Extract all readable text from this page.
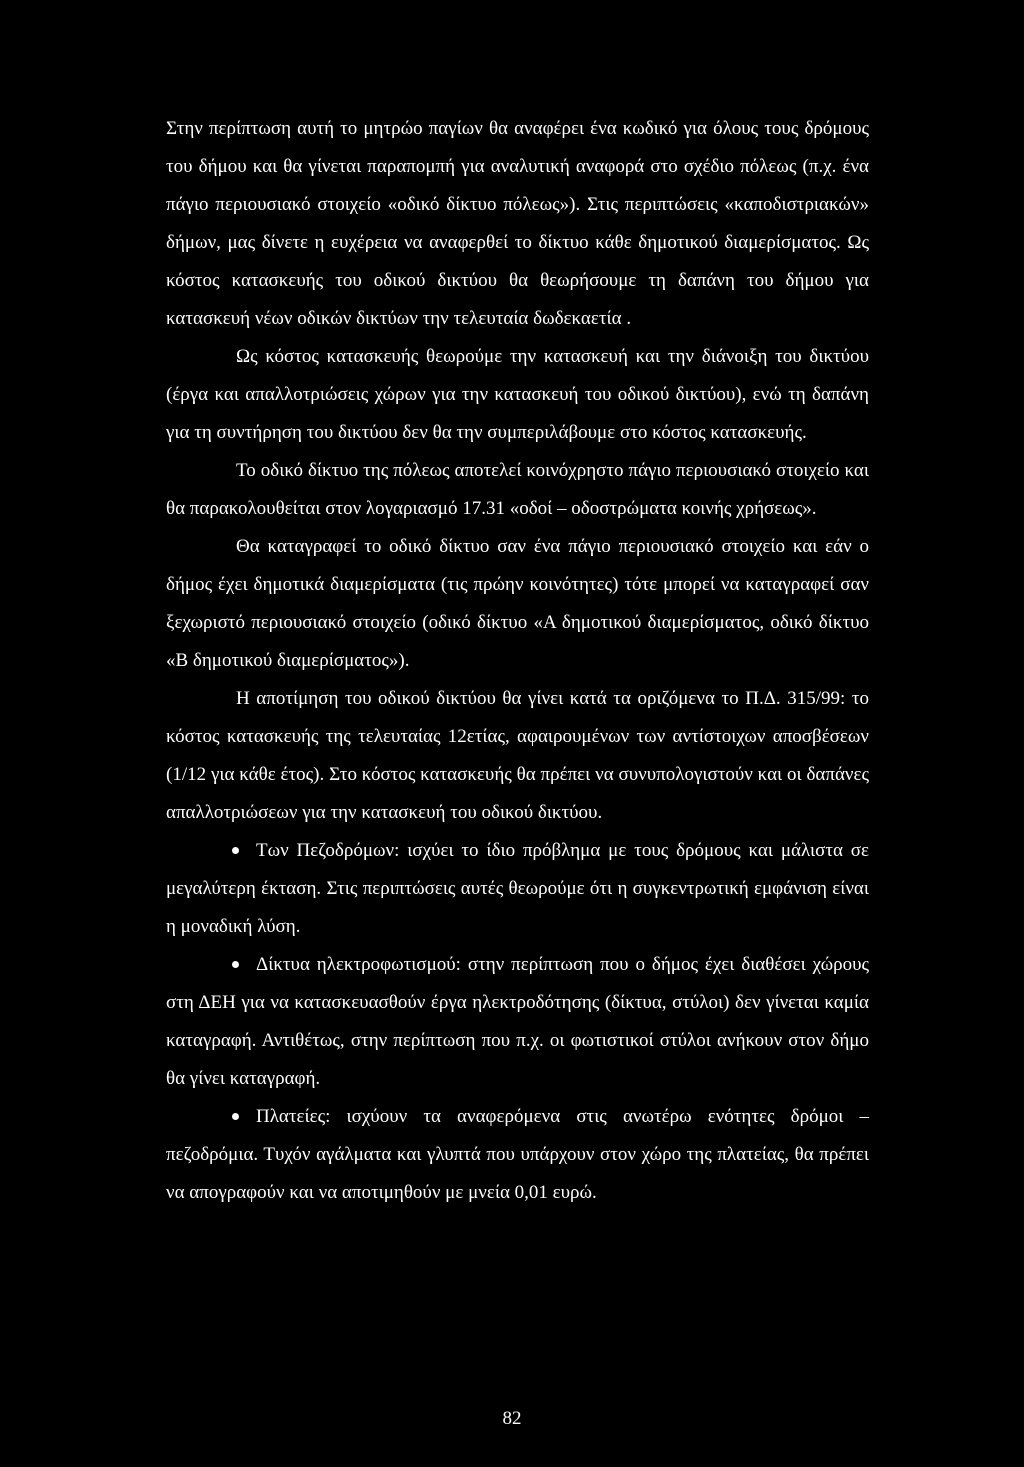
Στην περίπτωση αυτή το μητρώο παγίων θα αναφέρει ένα κωδικό για όλους τους δρόμους του δήμου και θα γίνεται παραπομπή για αναλυτική αναφορά στο σχέδιο πόλεως (π.χ. ένα πάγιο περιουσιακό στοιχείο «οδικό δίκτυο πόλεως»). Στις περιπτώσεις «καποδιστριακών» δήμων, μας δίνετε η ευχέρεια να αναφερθεί το δίκτυο κάθε δημοτικού διαμερίσματος. Ως κόστος κατασκευής του οδικού δικτύου θα θεωρήσουμε τη δαπάνη του δήμου για κατασκευή νέων οδικών δικτύων την τελευταία δωδεκαετία .

Ως κόστος κατασκευής θεωρούμε την κατασκευή και την διάνοιξη του δικτύου (έργα και απαλλοτριώσεις χώρων για την κατασκευή του οδικού δικτύου), ενώ τη δαπάνη για τη συντήρηση του δικτύου δεν θα την συμπεριλάβουμε στο κόστος κατασκευής.

Το οδικό δίκτυο της πόλεως αποτελεί κοινόχρηστο πάγιο περιουσιακό στοιχείο και θα παρακολουθείται στον λογαριασμό 17.31 «οδοί – οδοστρώματα κοινής χρήσεως».

Θα καταγραφεί το οδικό δίκτυο σαν ένα πάγιο περιουσιακό στοιχείο και εάν ο δήμος έχει δημοτικά διαμερίσματα (τις πρώην κοινότητες) τότε μπορεί να καταγραφεί σαν ξεχωριστό περιουσιακό στοιχείο (οδικό δίκτυο «Α δημοτικού διαμερίσματος, οδικό δίκτυο «Β δημοτικού διαμερίσματος»).

Η αποτίμηση του οδικού δικτύου θα γίνει κατά τα οριζόμενα το Π.Δ. 315/99: το κόστος κατασκευής της τελευταίας 12ετίας, αφαιρουμένων των αντίστοιχων αποσβέσεων (1/12 για κάθε έτος). Στο κόστος κατασκευής θα πρέπει να συνυπολογιστούν και οι δαπάνες απαλλοτριώσεων για την κατασκευή του οδικού δικτύου.

Των Πεζοδρόμων: ισχύει το ίδιο πρόβλημα με τους δρόμους και μάλιστα σε μεγαλύτερη έκταση. Στις περιπτώσεις αυτές θεωρούμε ότι η συγκεντρωτική εμφάνιση είναι η μοναδική λύση.
Δίκτυα ηλεκτροφωτισμού: στην περίπτωση που ο δήμος έχει διαθέσει χώρους στη ΔΕΗ για να κατασκευασθούν έργα ηλεκτροδότησης (δίκτυα, στύλοι) δεν γίνεται καμία καταγραφή. Αντιθέτως, στην περίπτωση που π.χ. οι φωτιστικοί στύλοι ανήκουν στον δήμο θα γίνει καταγραφή.
Πλατείες: ισχύουν τα αναφερόμενα στις ανωτέρω ενότητες δρόμοι – πεζοδρόμια. Τυχόν αγάλματα και γλυπτά που υπάρχουν στον χώρο της πλατείας, θα πρέπει να απογραφούν και να αποτιμηθούν με μνεία 0,01 ευρώ.
82
